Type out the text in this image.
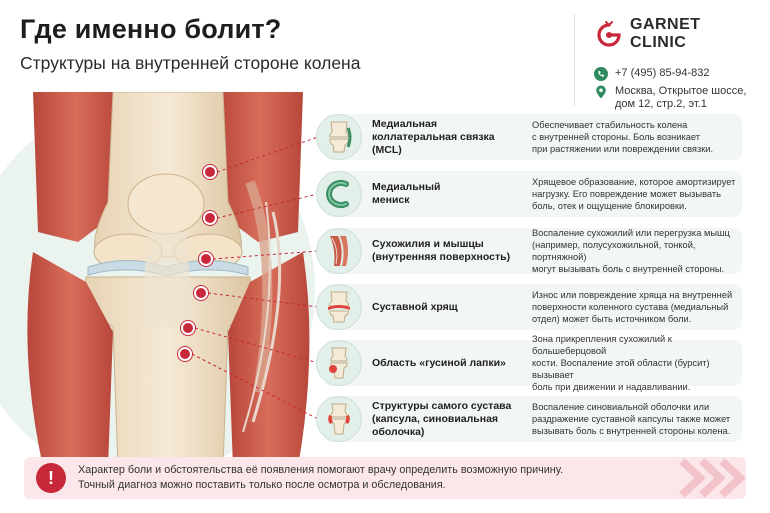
Где именно болит?
Структуры на внутренней стороне колена
GARNET
CLINIC
+7 (495) 85-94-832
Москва, Открытое шоссе,
дом 12, стр.2, эт.1
Медиальная
коллатеральная связка (MCL)
Обеспечивает стабильность колена
с внутренней стороны. Боль возникает
при растяжении или повреждении связки.
Медиальный
мениск
Хрящевое образование, которое амортизирует
нагрузку. Его повреждение может вызывать
боль, отек и ощущение блокировки.
Сухожилия и мышцы
(внутренняя поверхность)
Воспаление сухожилий или перегрузка мышц
(например, полусухожильной, тонкой, портняжной)
могут вызывать боль с внутренней стороны.
Суставной хрящ
Износ или повреждение хряща на внутренней
поверхности коленного сустава (медиальный
отдел) может быть источником боли.
Область «гусиной лапки»
Зона прикрепления сухожилий к большеберцовой
кости. Воспаление этой области (бурсит) вызывает
боль при движении и надавливании.
Структуры самого сустава
(капсула, синовиальная
оболочка)
Воспаление синовиальной оболочки или
раздражение суставной капсулы также может
вызывать боль с внутренней стороны колена.
!	Характер боли и обстоятельства её появления помогают врачу определить возможную причину.
Точный диагноз можно поставить только после осмотра и обследования.
